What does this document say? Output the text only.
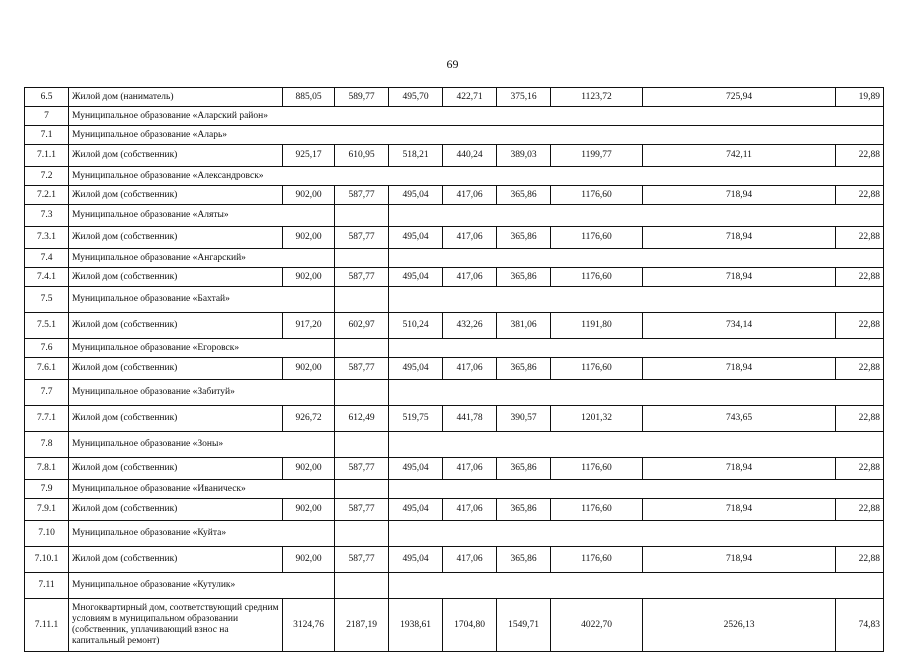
69
6.5	Жилой дом (наниматель)	885,05	589,77	495,70	422,71	375,16	1123,72	725,94	19,89
7	Муниципальное образование «Аларский район»								
7.1	Муниципальное образование «Аларь»								
7.1.1	Жилой дом (собственник)	925,17	610,95	518,21	440,24	389,03	1199,77	742,11	22,88
7.2	Муниципальное образование «Александровск»								
7.2.1	Жилой дом (собственник)	902,00	587,77	495,04	417,06	365,86	1176,60	718,94	22,88
7.3	Муниципальное образование «Аляты»								
7.3.1	Жилой дом (собственник)	902,00	587,77	495,04	417,06	365,86	1176,60	718,94	22,88
7.4	Муниципальное образование «Ангарский»								
7.4.1	Жилой дом (собственник)	902,00	587,77	495,04	417,06	365,86	1176,60	718,94	22,88
7.5	Муниципальное образование «Бахтай»								
7.5.1	Жилой дом (собственник)	917,20	602,97	510,24	432,26	381,06	1191,80	734,14	22,88
7.6	Муниципальное образование «Егоровск»								
7.6.1	Жилой дом (собственник)	902,00	587,77	495,04	417,06	365,86	1176,60	718,94	22,88
7.7	Муниципальное образование «Забитуй»								
7.7.1	Жилой дом (собственник)	926,72	612,49	519,75	441,78	390,57	1201,32	743,65	22,88
7.8	Муниципальное образование «Зоны»								
7.8.1	Жилой дом (собственник)	902,00	587,77	495,04	417,06	365,86	1176,60	718,94	22,88
7.9	Муниципальное образование «Иваническ»								
7.9.1	Жилой дом (собственник)	902,00	587,77	495,04	417,06	365,86	1176,60	718,94	22,88
7.10	Муниципальное образование «Куйта»								
7.10.1	Жилой дом (собственник)	902,00	587,77	495,04	417,06	365,86	1176,60	718,94	22,88
7.11	Муниципальное образование «Кутулик»								
7.11.1	Многоквартирный дом, соответствующий средним условиям в муниципальном образовании (собственник, уплачивающий взнос на капитальный ремонт)	3124,76	2187,19	1938,61	1704,80	1549,71	4022,70	2526,13	74,83
